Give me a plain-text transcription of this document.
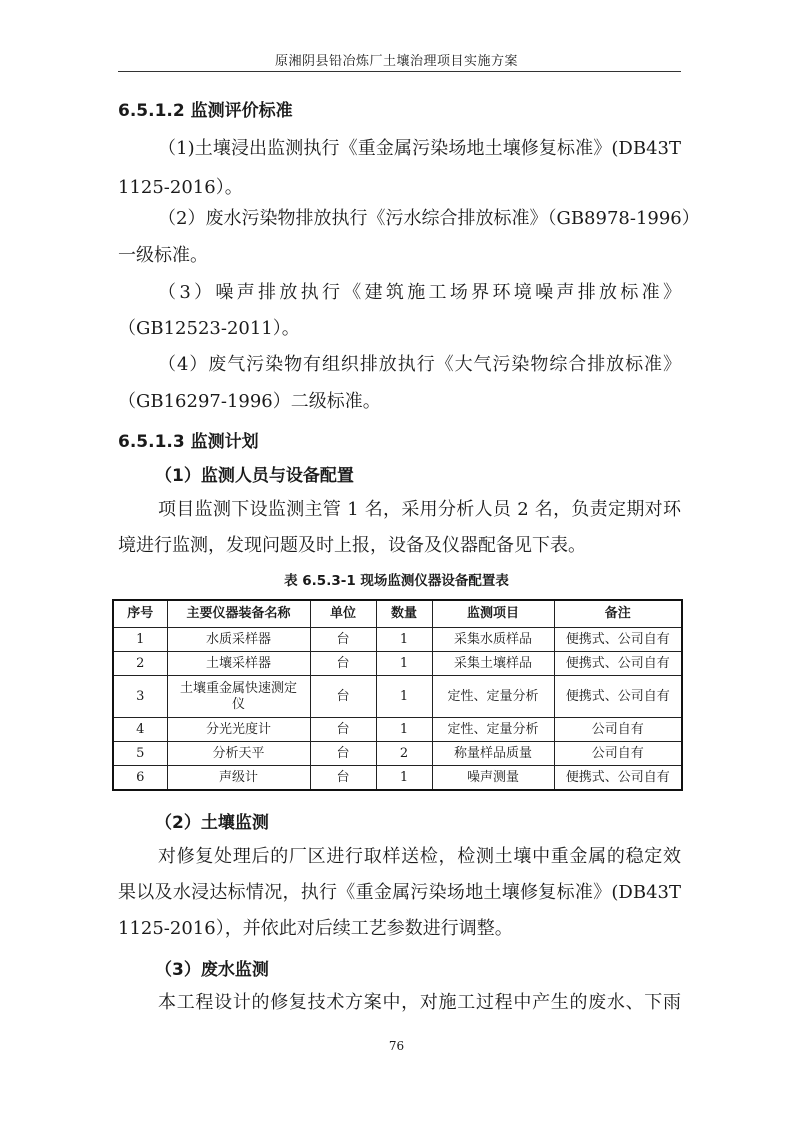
原湘阴县铅冶炼厂土壤治理项目实施方案
6.5.1.2 监测评价标准
（1)土壤浸出监测执行《重金属污染场地土壤修复标准》(DB43T
1125-2016）。
（2）废水污染物排放执行《污水综合排放标准》（GB8978-1996）
一级标准。
（3）噪声排放执行《建筑施工场界环境噪声排放标准》
（GB12523-2011）。
（4）废气污染物有组织排放执行《大气污染物综合排放标准》
（GB16297-1996）二级标准。
6.5.1.3 监测计划
（1）监测人员与设备配置
项目监测下设监测主管 1 名，采用分析人员 2 名，负责定期对环
境进行监测，发现问题及时上报，设备及仪器配备见下表。
表 6.5.3-1 现场监测仪器设备配置表
序号	主要仪器装备名称	单位	数量	监测项目	备注
1	水质采样器	台	1	采集水质样品	便携式、公司自有
2	土壤采样器	台	1	采集土壤样品	便携式、公司自有
3	土壤重金属快速测定仪	台	1	定性、定量分析	便携式、公司自有
4	分光光度计	台	1	定性、定量分析	公司自有
5	分析天平	台	2	称量样品质量	公司自有
6	声级计	台	1	噪声测量	便携式、公司自有
（2）土壤监测
对修复处理后的厂区进行取样送检，检测土壤中重金属的稳定效
果以及水浸达标情况，执行《重金属污染场地土壤修复标准》(DB43T
1125-2016），并依此对后续工艺参数进行调整。
（3）废水监测
本工程设计的修复技术方案中，对施工过程中产生的废水、下雨
76
